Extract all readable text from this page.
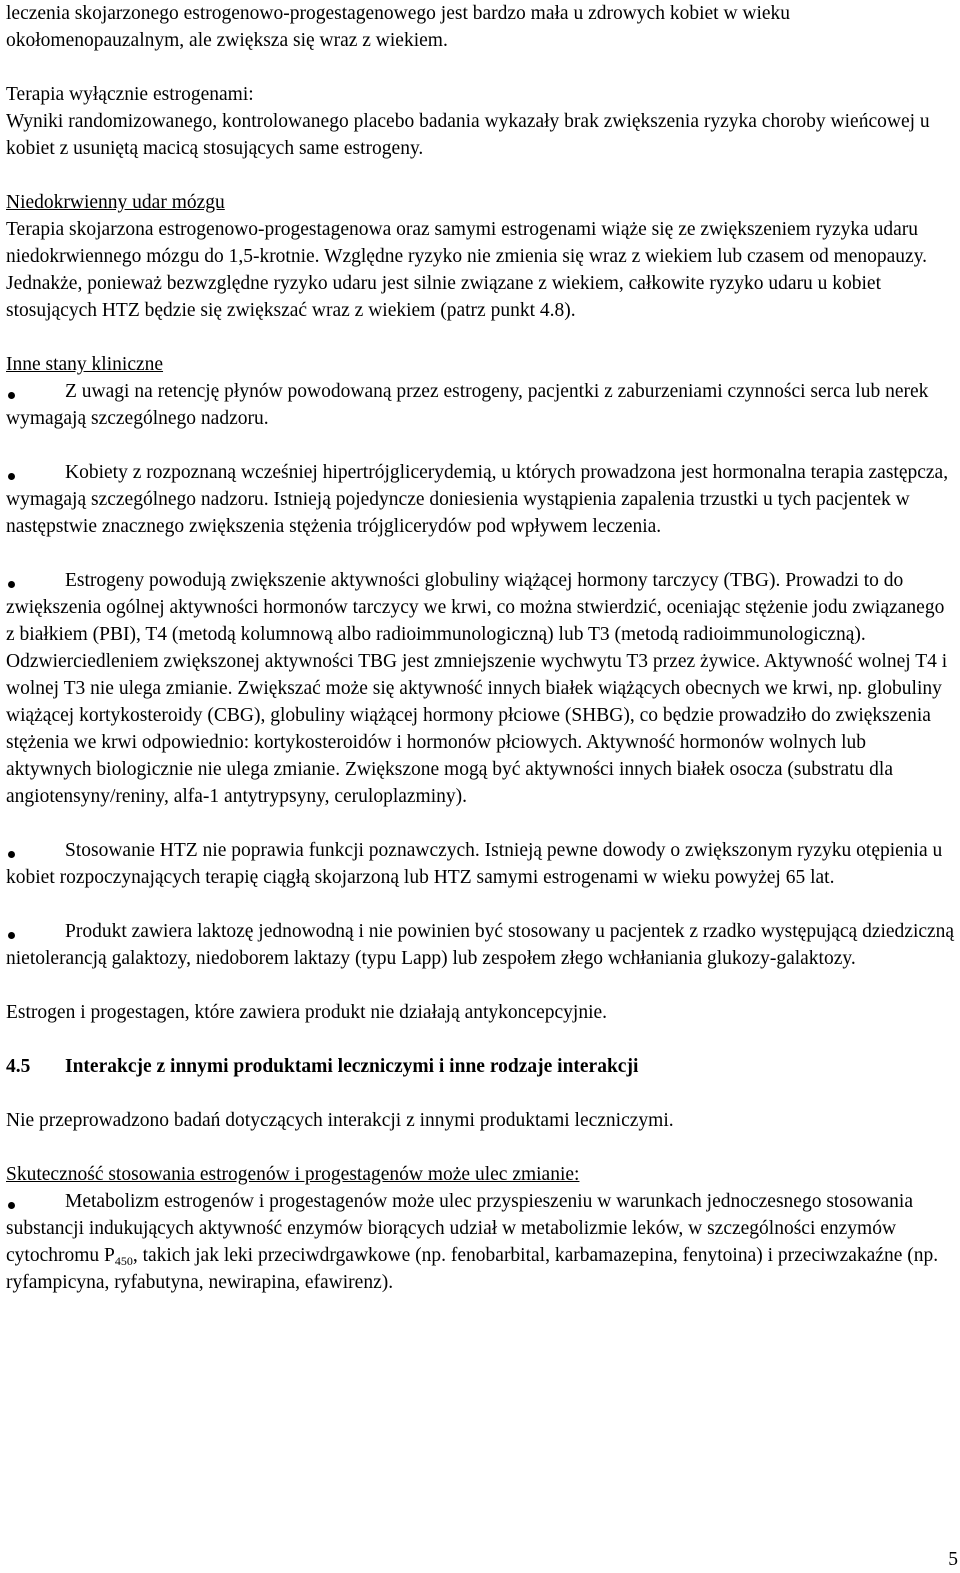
leczenia skojarzonego estrogenowo-progestagenowego jest bardzo mała u zdrowych kobiet w wieku okołomenopauzalnym, ale zwiększa się wraz z wiekiem.

Terapia wyłącznie estrogenami:

Wyniki randomizowanego, kontrolowanego placebo badania wykazały brak zwiększenia ryzyka choroby wieńcowej u kobiet z usuniętą macicą stosujących same estrogeny.

Niedokrwienny udar mózgu

Terapia skojarzona estrogenowo-progestagenowa oraz samymi estrogenami wiąże się ze zwiększeniem ryzyka udaru niedokrwiennego mózgu do 1,5-krotnie. Względne ryzyko nie zmienia się wraz z wiekiem lub czasem od menopauzy. Jednakże, ponieważ bezwzględne ryzyko udaru jest silnie związane z wiekiem, całkowite ryzyko udaru u kobiet stosujących HTZ będzie się zwiększać wraz z wiekiem (patrz punkt 4.8).

Inne stany kliniczne

Z uwagi na retencję płynów powodowaną przez estrogeny, pacjentki z zaburzeniami czynności serca lub nerek wymagają szczególnego nadzoru.

Kobiety z rozpoznaną wcześniej hipertrójglicerydemią, u których prowadzona jest hormonalna terapia zastępcza, wymagają szczególnego nadzoru. Istnieją pojedyncze doniesienia wystąpienia zapalenia trzustki u tych pacjentek w następstwie znacznego zwiększenia stężenia trójglicerydów pod wpływem leczenia.

Estrogeny powodują zwiększenie aktywności globuliny wiążącej hormony tarczycy (TBG). Prowadzi to do zwiększenia ogólnej aktywności hormonów tarczycy we krwi, co można stwierdzić, oceniając stężenie jodu związanego z białkiem (PBI), T4 (metodą kolumnową albo radioimmunologiczną) lub T3 (metodą radioimmunologiczną). Odzwierciedleniem zwiększonej aktywności TBG jest zmniejszenie wychwytu T3 przez żywice. Aktywność wolnej T4 i wolnej T3 nie ulega zmianie. Zwiększać może się aktywność innych białek wiążących obecnych we krwi, np. globuliny wiążącej kortykosteroidy (CBG), globuliny wiążącej hormony płciowe (SHBG), co będzie prowadziło do zwiększenia stężenia we krwi odpowiednio: kortykosteroidów i hormonów płciowych. Aktywność hormonów wolnych lub aktywnych biologicznie nie ulega zmianie. Zwiększone mogą być aktywności innych białek osocza (substratu dla angiotensyny/reniny, alfa-1 antytrypsyny, ceruloplazminy).

Stosowanie HTZ nie poprawia funkcji poznawczych. Istnieją pewne dowody o zwiększonym ryzyku otępienia u kobiet rozpoczynających terapię ciągłą skojarzoną lub HTZ samymi estrogenami w wieku powyżej 65 lat.

Produkt zawiera laktozę jednowodną i nie powinien być stosowany u pacjentek z rzadko występującą dziedziczną nietolerancją galaktozy, niedoborem laktazy (typu Lapp) lub zespołem złego wchłaniania glukozy-galaktozy.

Estrogen i progestagen, które zawiera produkt nie działają antykoncepcyjnie.

4.5 Interakcje z innymi produktami leczniczymi i inne rodzaje interakcji

Nie przeprowadzono badań dotyczących interakcji z innymi produktami leczniczymi.

Skuteczność stosowania estrogenów i progestagenów może ulec zmianie:

Metabolizm estrogenów i progestagenów może ulec przyspieszeniu w warunkach jednoczesnego stosowania substancji indukujących aktywność enzymów biorących udział w metabolizmie leków, w szczególności enzymów cytochromu $P_{450}$, takich jak leki przeciwdrgawkowe (np. fenobarbital, karbamazepina, fenytoina) i przeciwzakaźne (np. ryfampicyna, ryfabutyna, newirapina, efawirenz).

5
